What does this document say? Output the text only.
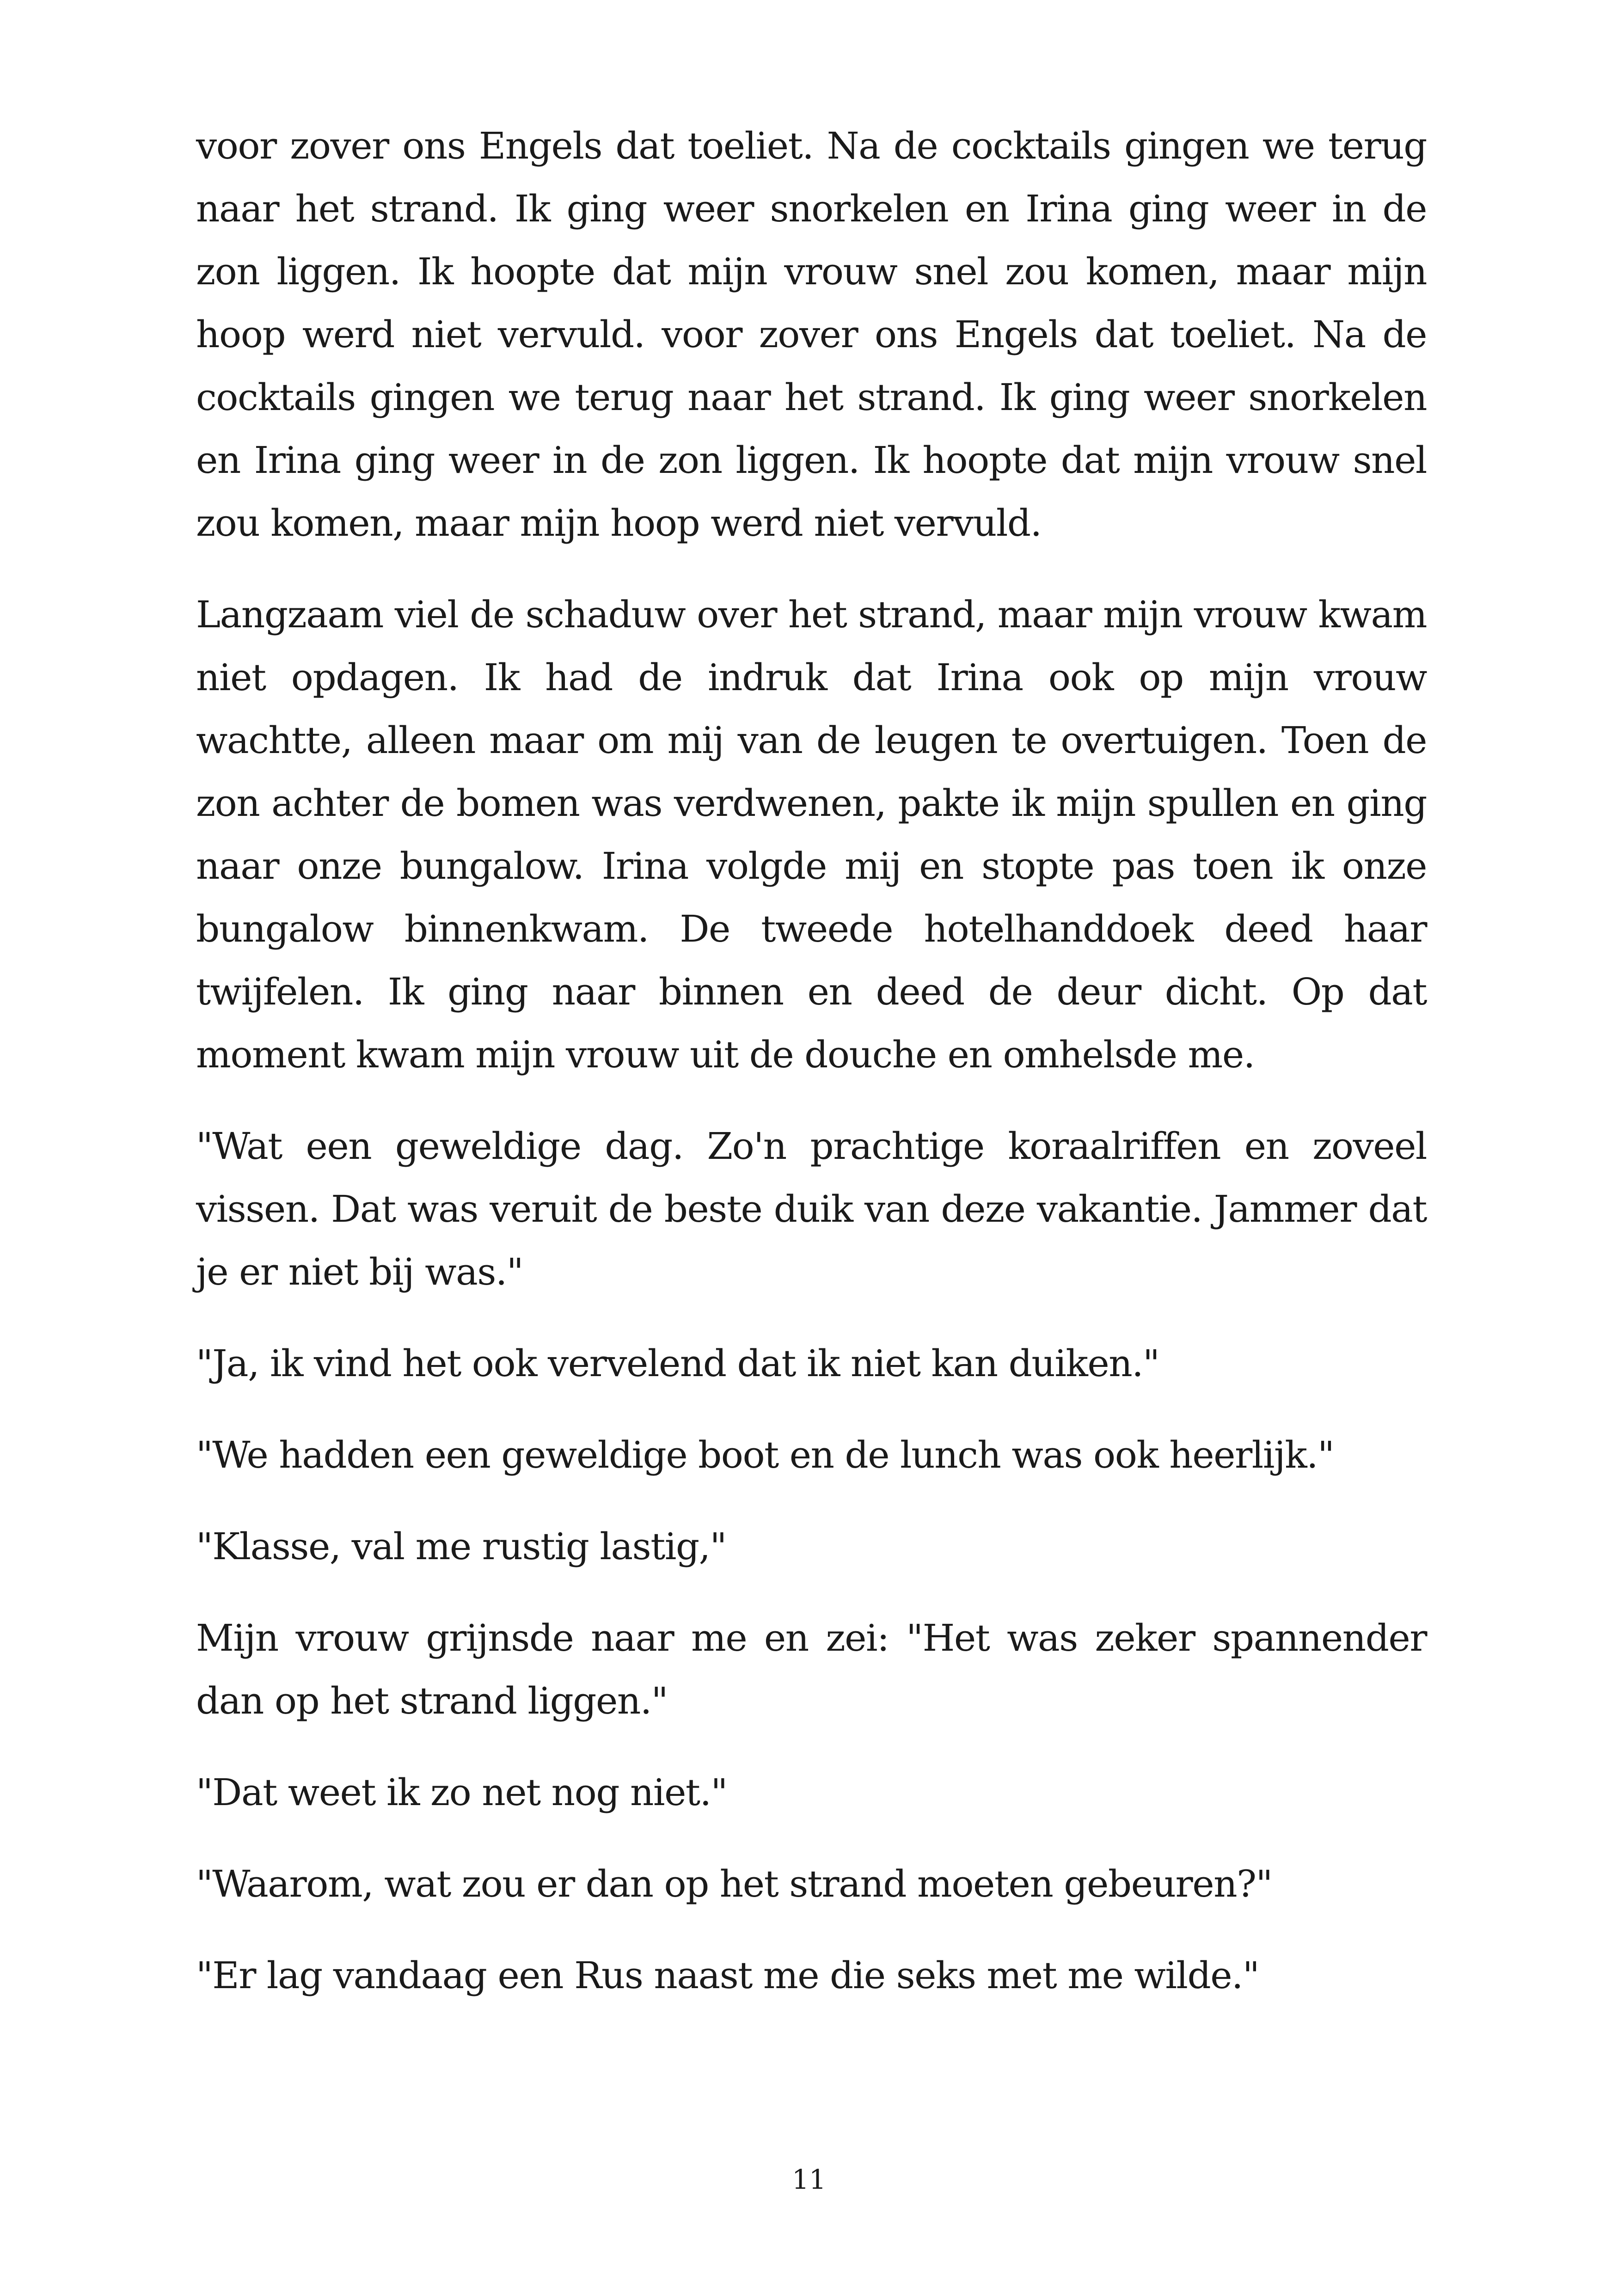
voor zover ons Engels dat toeliet. Na de cocktails gingen we terug naar het strand. Ik ging weer snorkelen en Irina ging weer in de zon liggen. Ik hoopte dat mijn vrouw snel zou komen, maar mijn hoop werd niet vervuld. voor zover ons Engels dat toeliet. Na de cocktails gingen we terug naar het strand. Ik ging weer snorkelen en Irina ging weer in de zon liggen. Ik hoopte dat mijn vrouw snel zou komen, maar mijn hoop werd niet vervuld.

Langzaam viel de schaduw over het strand, maar mijn vrouw kwam niet opdagen. Ik had de indruk dat Irina ook op mijn vrouw wachtte, alleen maar om mij van de leugen te overtuigen. Toen de zon achter de bomen was verdwenen, pakte ik mijn spullen en ging naar onze bungalow. Irina volgde mij en stopte pas toen ik onze bungalow binnenkwam. De tweede hotelhanddoek deed haar twijfelen. Ik ging naar binnen en deed de deur dicht. Op dat moment kwam mijn vrouw uit de douche en omhelsde me.

"Wat een geweldige dag. Zo'n prachtige koraalriffen en zoveel vissen. Dat was veruit de beste duik van deze vakantie. Jammer dat je er niet bij was."

"Ja, ik vind het ook vervelend dat ik niet kan duiken."

"We hadden een geweldige boot en de lunch was ook heerlijk."

"Klasse, val me rustig lastig,"

Mijn vrouw grijnsde naar me en zei: "Het was zeker spannender dan op het strand liggen."

"Dat weet ik zo net nog niet."

"Waarom, wat zou er dan op het strand moeten gebeuren?"

"Er lag vandaag een Rus naast me die seks met me wilde."

11
